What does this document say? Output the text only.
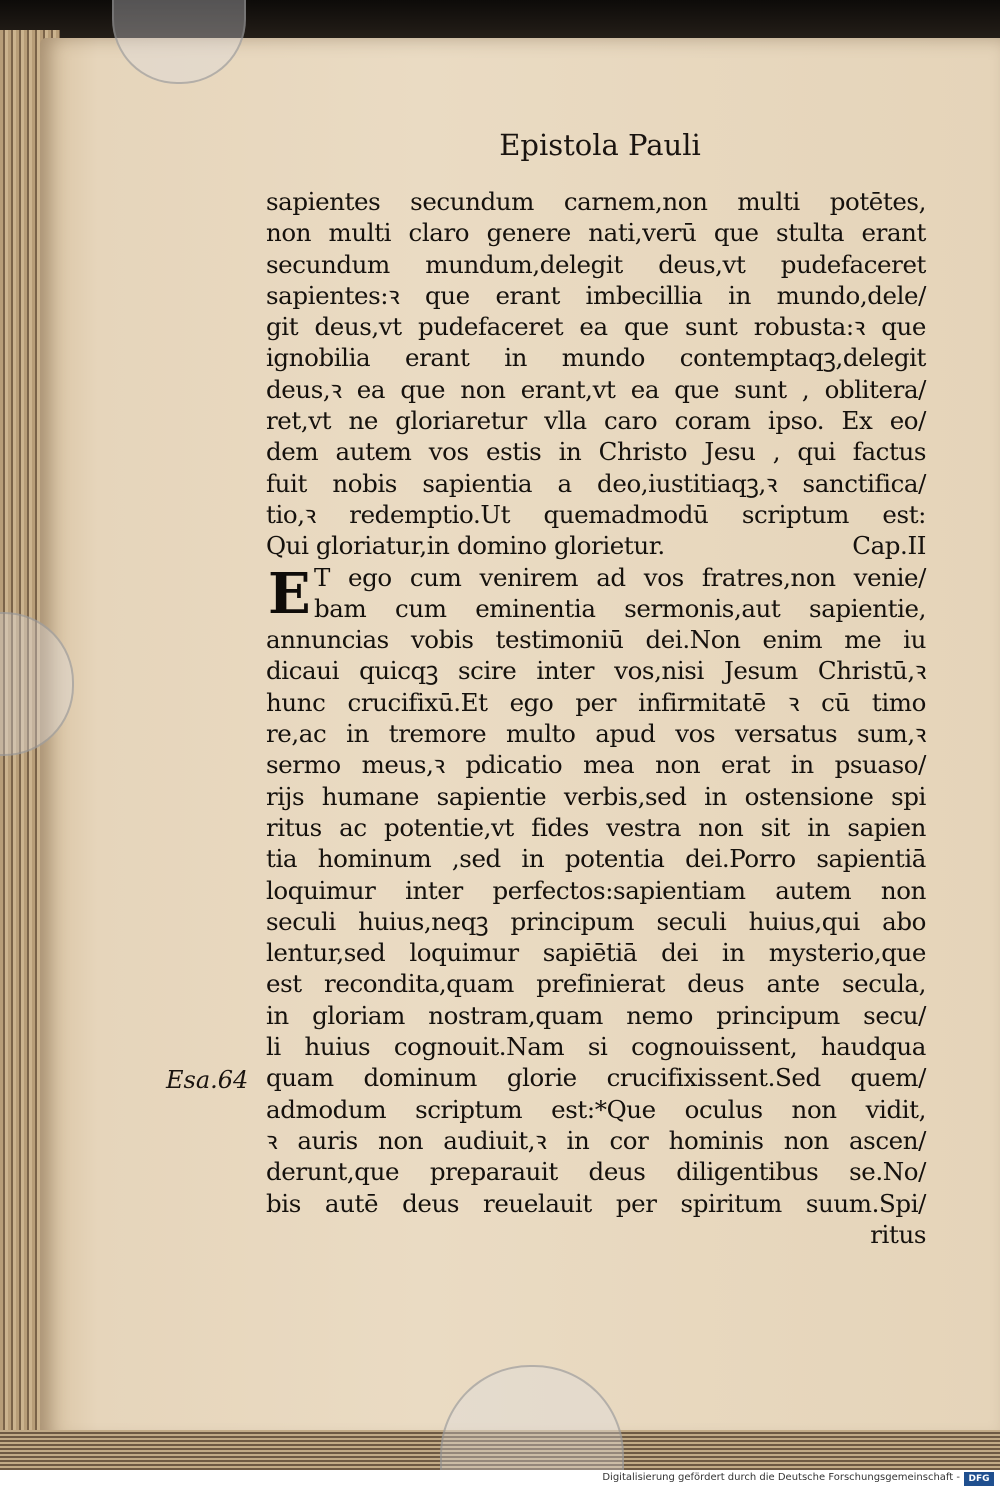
Epistola Pauli
sapientes secundum carnem,non multi potētes,
non multi claro genere nati,verū que stulta erant
secundum mundum,delegit deus,vt pudefaceret
sapientes:ꝛ que erant imbecillia in mundo,dele/
git deus,vt pudefaceret ea que sunt robusta:ꝛ que
ignobilia erant in mundo contemptaqꝫ,delegit
deus,ꝛ ea que non erant,vt ea que sunt , oblitera/
ret,vt ne gloriaretur vlla caro coram ipso. Ex eo/
dem autem vos estis in Christo Jesu , qui factus
fuit nobis sapientia a deo,iustitiaqꝫ,ꝛ sanctifica/
tio,ꝛ redemptio.Ut quemadmodū scriptum est:
Qui gloriatur,in domino glorietur.	Cap.II
T ego cum venirem ad vos fratres,non venie/
bam cum eminentia sermonis,aut sapientie,
annuncias vobis testimoniū dei.Non enim me iu
dicaui quicqꝫ scire inter vos,nisi Jesum Christū,ꝛ
hunc crucifixū.Et ego per infirmitatē ꝛ cū timo
re,ac in tremore multo apud vos versatus sum,ꝛ
sermo meus,ꝛ pdicatio mea non erat in psuaso/
rijs humane sapientie verbis,sed in ostensione spi
ritus ac potentie,vt fides vestra non sit in sapien
tia hominum ,sed in potentia dei.Porro sapientiā
loquimur inter perfectos:sapientiam autem non
seculi huius,neqꝫ principum seculi huius,qui abo
lentur,sed loquimur sapiētiā dei in mysterio,que
est recondita,quam prefinierat deus ante secula,
in gloriam nostram,quam nemo principum secu/
li huius cognouit.Nam si cognouissent, haudqua
quam dominum glorie crucifixissent.Sed quem/
admodum scriptum est:*Que oculus non vidit,
ꝛ auris non audiuit,ꝛ in cor hominis non ascen/
derunt,que preparauit deus diligentibus se.No/
bis autē deus reuelauit per spiritum suum.Spi/
ritus
E
Esa.64
Digitalisierung gefördert durch die Deutsche Forschungsgemeinschaft - DFG
